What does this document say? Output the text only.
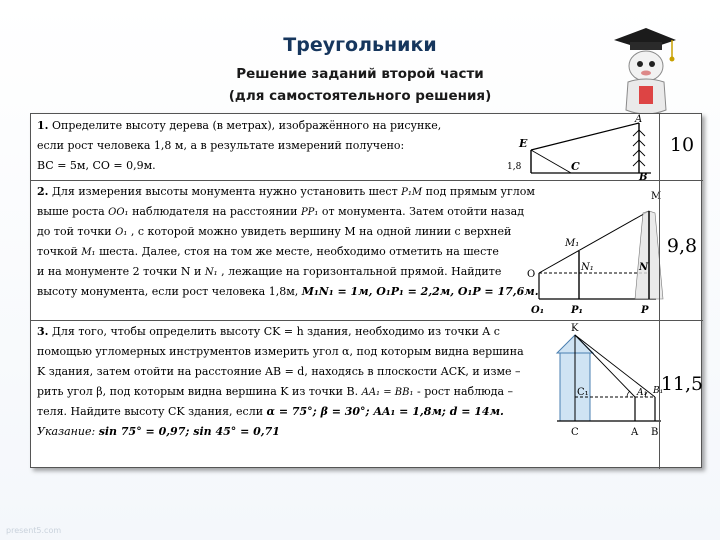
Треугольники
Решение заданий второй части
(для самостоятельного решения)
1. Определите высоту дерева (в метрах), изображённого на рисунке,
если рост человека 1,8 м, а в результате измерений получено:
BC = 5м, CO = 0,9м.
A
E
1,8	C
B
10
2. Для измерения высоты монумента нужно установить шест P₁M под прямым углом
выше роста OO₁ наблюдателя на расстоянии PP₁ от монумента. Затем отойти назад
до той точки O₁ , с которой можно увидеть вершину M на одной линии с верхней
точкой M₁ шеста. Далее, стоя на том же месте, необходимо отметить на шесте
и на монументе 2 точки N и N₁ , лежащие на горизонтальной прямой. Найдите
высоту монумента, если рост человека 1,8м, M₁N₁ = 1м, O₁P₁ = 2,2м, O₁P = 17,6м.
M
M₁
N₁	N
O
O₁	P₁	P
9,8
3. Для того, чтобы определить высоту CK = h здания, необходимо из точки A с
помощью угломерных инструментов измерить угол α, под которым видна вершина
K здания, затем отойти на расстояние AB = d, находясь в плоскости ACK, и изме –
рить угол β, под которым видна вершина K из точки B. AA₁ = BB₁ - рост наблюда –
теля. Найдите высоту CK здания, если α = 75°; β = 30°; AA₁ = 1,8м; d = 14м.
Указание: sin 75° = 0,97; sin 45° = 0,71
K
C₁	A₁ B₁
C	A B
11,5
present5.com
